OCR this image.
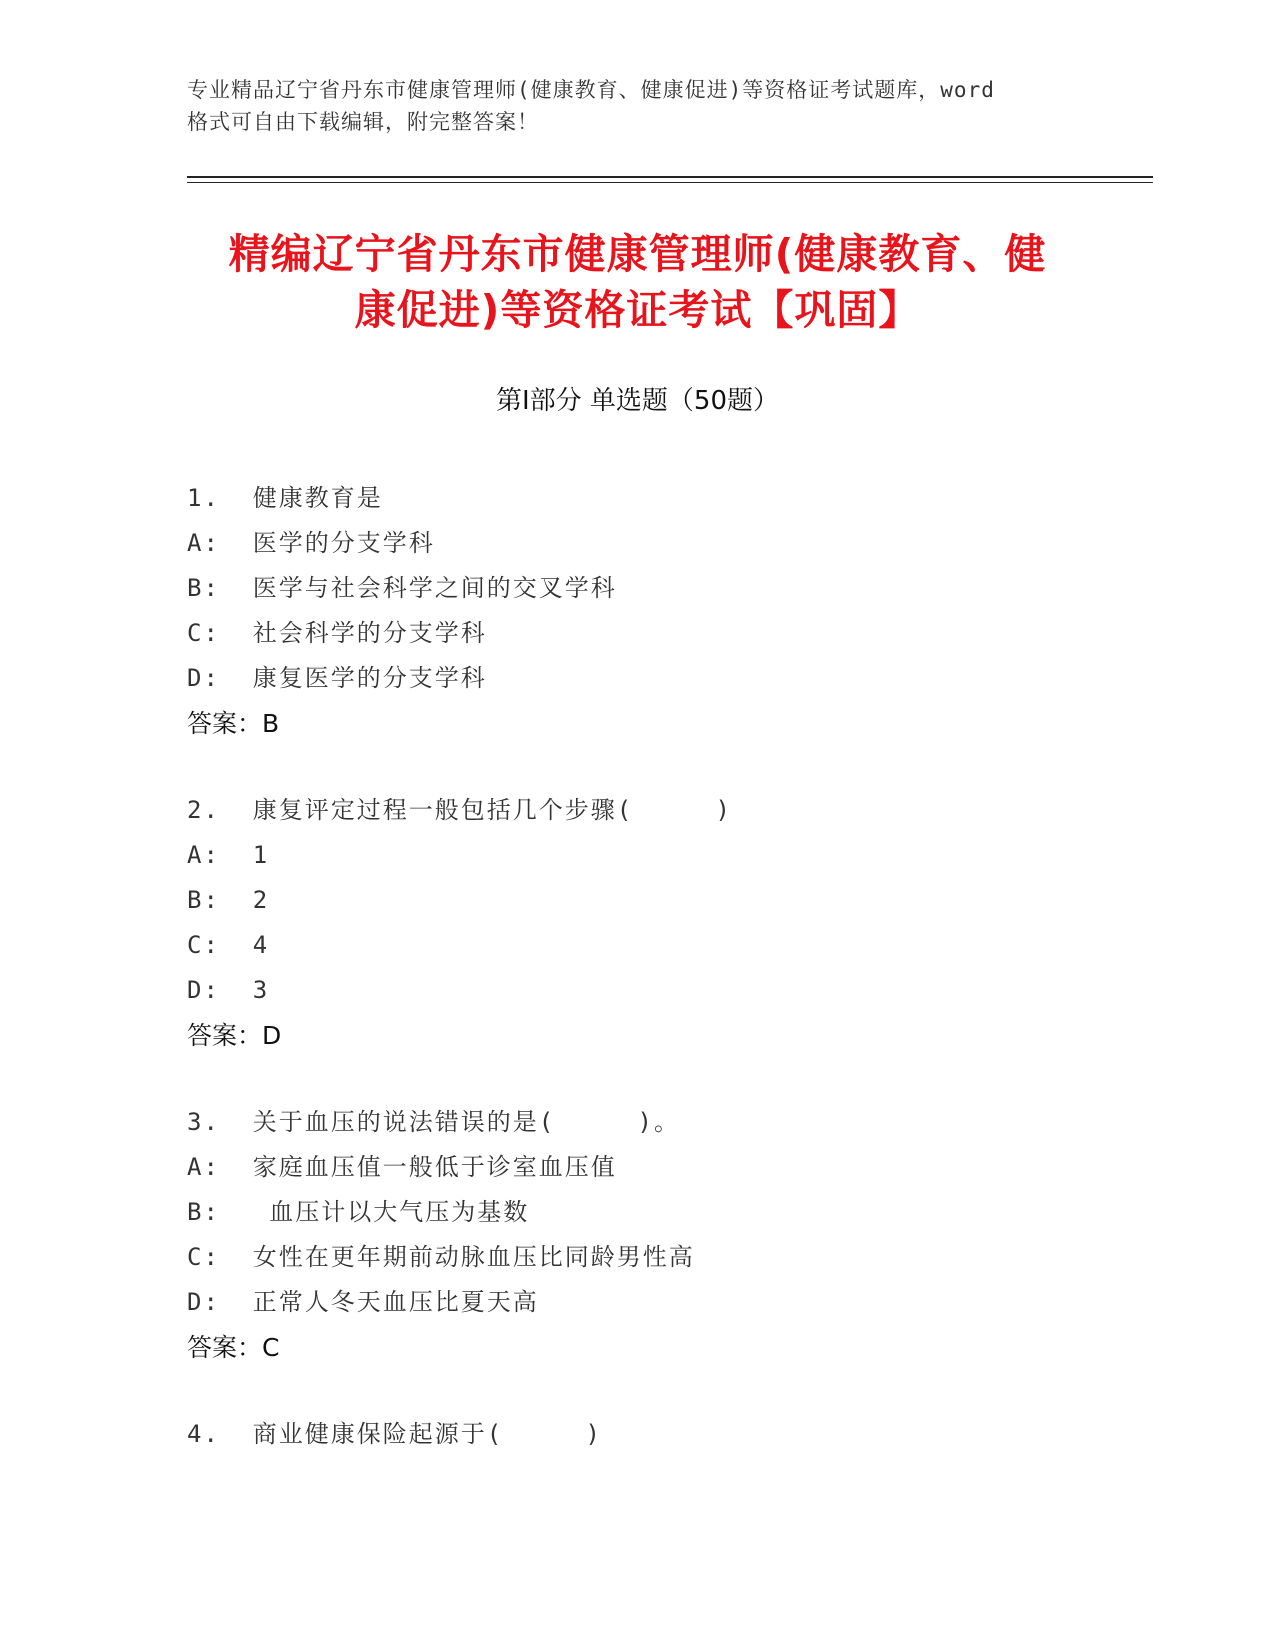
专业精品辽宁省丹东市健康管理师(健康教育、健康促进)等资格证考试题库，word
格式可自由下载编辑，附完整答案！
精编辽宁省丹东市健康管理师(健康教育、健
康促进)等资格证考试【巩固】
第Ⅰ部分 单选题（50题）
1.  健康教育是
A:  医学的分支学科
B:  医学与社会科学之间的交叉学科
C:  社会科学的分支学科
D:  康复医学的分支学科
答案：B
2.  康复评定过程一般包括几个步骤(     )
A:  1
B:  2
C:  4
D:  3
答案：D
3.  关于血压的说法错误的是(     )。
A:  家庭血压值一般低于诊室血压值
B:   血压计以大气压为基数
C:  女性在更年期前动脉血压比同龄男性高
D:  正常人冬天血压比夏天高
答案：C
4.  商业健康保险起源于(     )
